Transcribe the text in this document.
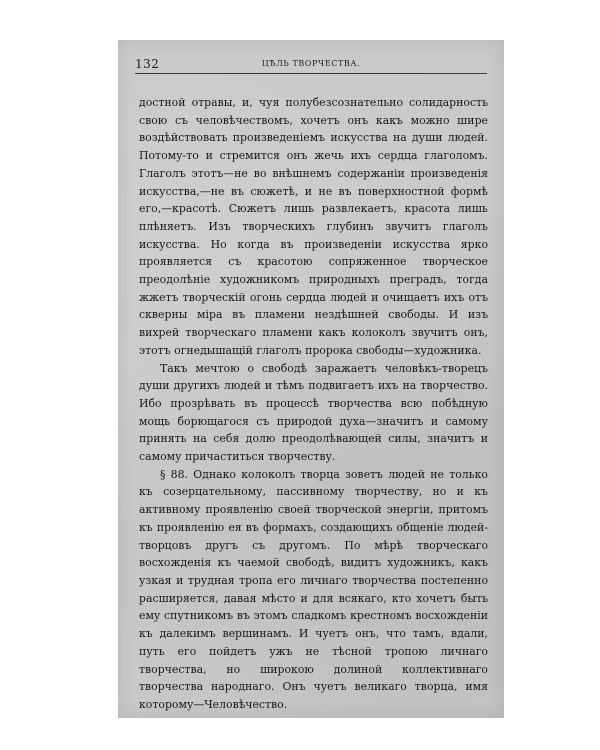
132	ЦѢЛЬ ТВОРЧЕСТВА.

достной отравы, и, чуя полубезсознательно солидарность свою съ человѣчествомъ, хочетъ онъ какъ можно шире воздѣйствовать произведеніемъ искусства на души людей. Потому-то и стремится онъ жечь ихъ сердца глаголомъ. Глаголъ этотъ—не во внѣшнемъ содержаніи произведенія искусства,—не въ сюжетѣ, и не въ поверхностной формѣ его,—красотѣ. Сюжетъ лишь развлекаетъ, красота лишь плѣняетъ. Изъ творческихъ глубинъ звучитъ глаголъ искусства. Но когда въ произведеніи искусства ярко проявляется съ красотою сопряженное творческое преодолѣніе художникомъ природныхъ преградъ, тогда жжетъ творческій огонь сердца людей и очищаетъ ихъ отъ скверны міра въ пламени нездѣшней свободы. И изъ вихрей творческаго пламени какъ колоколъ звучитъ онъ, этотъ огнедышащій глаголъ пророка свободы—художника.

Такъ мечтою о свободѣ заражаетъ человѣкъ-творецъ души другихъ людей и тѣмъ подвигаетъ ихъ на творчество. Ибо прозрѣвать въ процессѣ творчества всю побѣдную мощь борющагося съ природой духа—значитъ и самому принять на себя долю преодолѣвающей силы, значитъ и самому причаститься творчеству.

§ 88. Однако колоколъ творца зоветъ людей не только къ созерцательному, пассивному творчеству, но и къ активному проявленію своей творческой энергіи, притомъ къ проявленію ея въ формахъ, создающихъ общеніе людей-творцовъ другъ съ другомъ. По мѣрѣ творческаго восхожденія къ чаемой свободѣ, видитъ художникъ, какъ узкая и трудная тропа его личнаго творчества постепенно расширяется, давая мѣсто и для всякаго, кто хочетъ быть ему спутникомъ въ этомъ сладкомъ крестномъ восхожденіи къ далекимъ вершинамъ. И чуетъ онъ, что тамъ, вдали, путь его пойдетъ ужъ не тѣсной тропою личнаго творчества, но широкою долиной коллективнаго творчества народнаго. Онъ чуетъ великаго творца, имя которому—Человѣчество.
